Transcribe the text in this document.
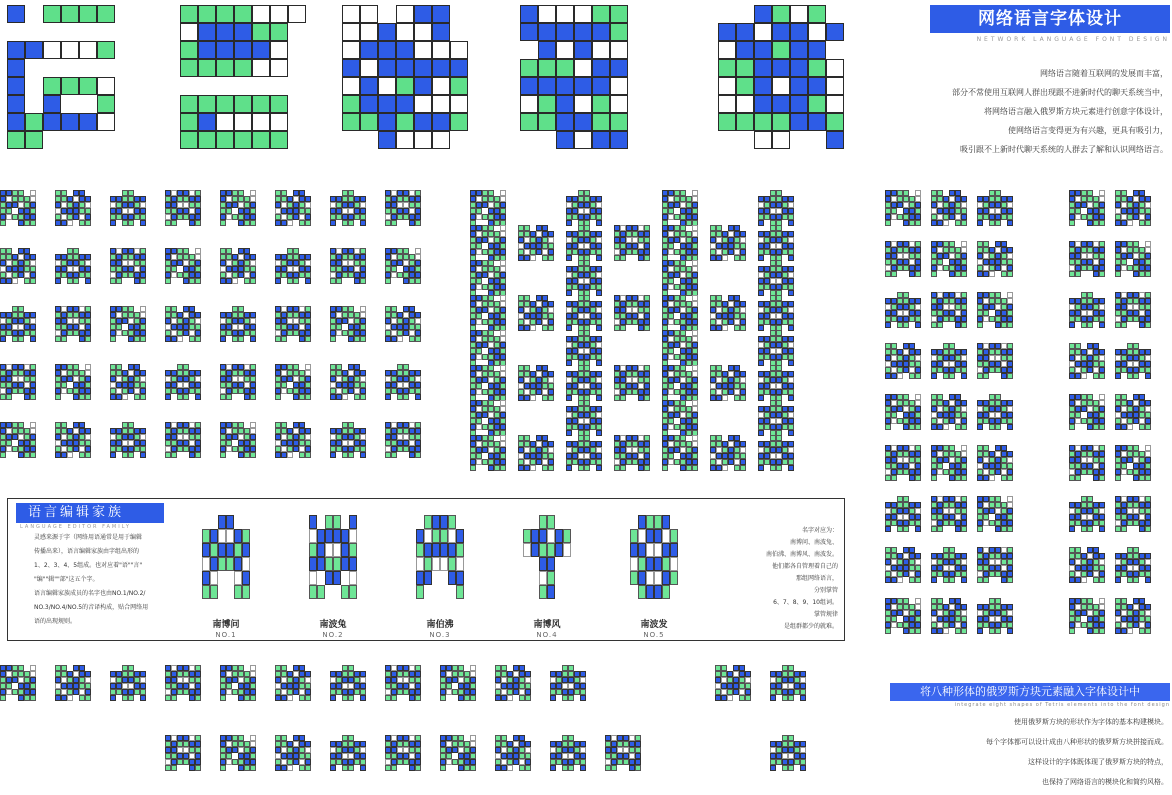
网络语言字体设计
NETWORK LANGUAGE FONT DESIGN
网络语言随着互联网的发展而丰富，
部分不常使用互联网人群出现跟不进新时代的聊天系统当中，
将网络语言融入俄罗斯方块元素进行创意字体设计，
使网络语言变得更为有兴趣，更具有吸引力，
吸引跟不上新时代聊天系统的人群去了解和认识网络语言。
语言编辑家族
LANGUAGE EDITOR FAMILY
灵感来源于字（网络用语通常是用于编辑
传播出来），语言编辑家族由字组出形的
1、2、3、4、5组成。也对应着"语""言"
"编""辑""部"这五个字。
语言编辑家族成员的名字也由NO.1/NO.2/
NO.3/NO.4/NO.5的音译构成，贴合网络用
语的出现规则。	南博问
NO.1
南波兔
NO.2
南伯沸
NO.3
南博风
NO.4
南波发
NO.5
名字对应为：
南博问、南波兔、
南伯沸、南博风、南波发。
他们都各自管理着自己的
那组网络语言，
分别掌管
6、7、8、9、10组词。
掌管规律
是组群都少的就难。
将八种形体的俄罗斯方块元素融入字体设计中
integrate eight shapes of Tetris elements into the font design
使用俄罗斯方块的形状作为字体的基本构建模块。
每个字体都可以设计成由八种形状的俄罗斯方块拼接而成。
这样设计的字体既体现了俄罗斯方块的特点，
也保持了网络语言的模块化和简约风格。
